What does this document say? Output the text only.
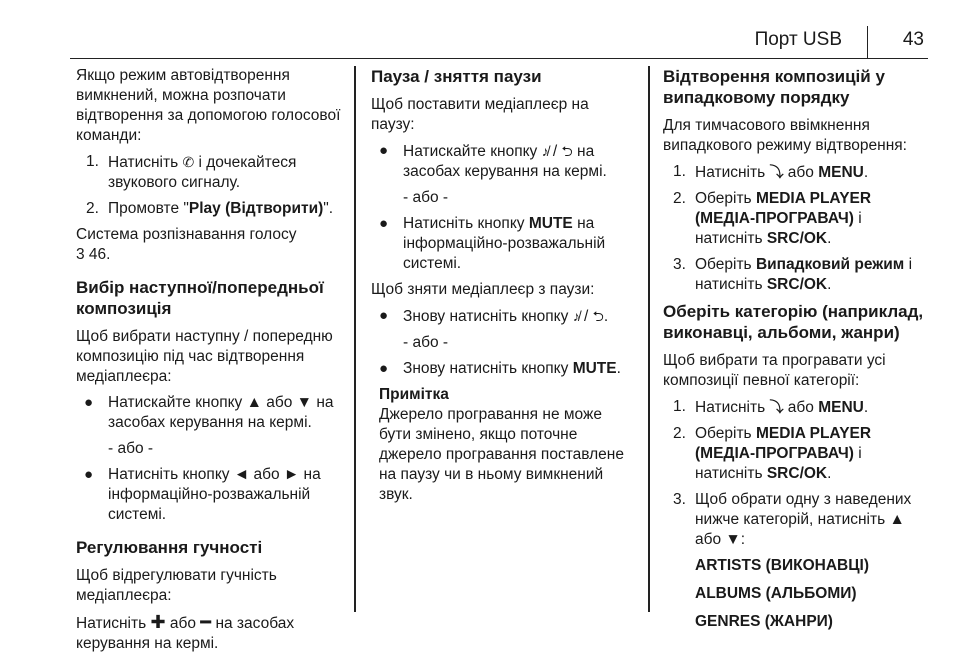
Порт USB	43

Якщо режим автовідтворення вимкнений, можна розпочати відтворення за допомогою голосової команди:

1. Натисніть ✆ і дочекайтеся звукового сигналу.
2. Промовте "Play (Відтворити)".

Система розпізнавання голосу
3 46.

Вибір наступної/попередньої композиція

Щоб вибрати наступну / попередню композицію під час відтворення медіаплеєра:

● Натискайте кнопку ▲ або ▼ на засобах керування на кермі.
- або -
● Натисніть кнопку ◄ або ► на інформаційно-розважальній системі.
Регулювання гучності

Щоб відрегулювати гучність медіаплеєра:

Натисніть ✚ або ━ на засобах керування на кермі.

Пауза / зняття паузи

Щоб поставити медіаплеєр на паузу:

● Натискайте кнопку ♪̸ / ⮌ на засобах керування на кермі.
- або -
● Натисніть кнопку MUTE на інформаційно-розважальній системі.

Щоб зняти медіаплеєр з паузи:

● Знову натисніть кнопку ♪̸ / ⮌.
- або -
● Знову натисніть кнопку MUTE.
Примітка
Джерело програвання не може бути змінено, якщо поточне джерело програвання поставлене на паузу чи в ньому вимкнений звук.
Відтворення композицій у випадковому порядку

Для тимчасового ввімкнення випадкового режиму відтворення:

1. Натисніть ⤵ або MENU.
2. Оберіть MEDIA PLAYER (МЕДІА-ПРОГРАВАЧ) і натисніть SRC/OK.
3. Оберіть Випадковий режим і натисніть SRC/OK.
Оберіть категорію (наприклад, виконавці, альбоми, жанри)

Щоб вибрати та програвати усі композиції певної категорії:

1. Натисніть ⤵ або MENU.
2. Оберіть MEDIA PLAYER (МЕДІА-ПРОГРАВАЧ) і натисніть SRC/OK.
3. Щоб обрати одну з наведених нижче категорій, натисніть ▲ або ▼:
ARTISTS (ВИКОНАВЦІ)
ALBUMS (АЛЬБОМИ)
GENRES (ЖАНРИ)
